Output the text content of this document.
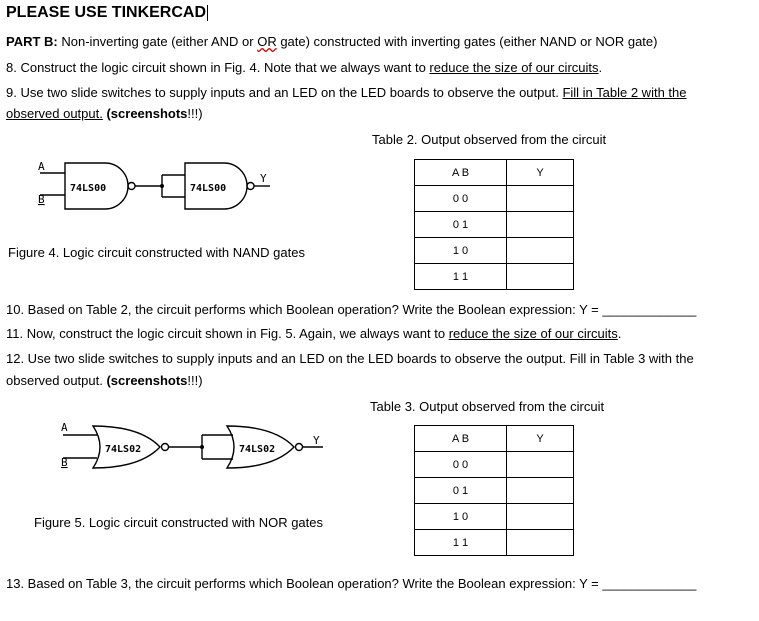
PLEASE USE TINKERCAD
PART B: Non-inverting gate (either AND or OR gate) constructed with inverting gates (either NAND or NOR gate)
8. Construct the logic circuit shown in Fig. 4. Note that we always want to reduce the size of our circuits.
9. Use two slide switches to supply inputs and an LED on the LED boards to observe the output. Fill in Table 2 with the
observed output. (screenshots!!!)
Table 2. Output observed from the circuit
A B	Y
0 0	
0 1	
1 0	
1 1	
A
B
74LS00	74LS00
Y
Figure 4. Logic circuit constructed with NAND gates
10. Based on Table 2, the circuit performs which Boolean operation? Write the Boolean expression: Y = _____________
11. Now, construct the logic circuit shown in Fig. 5. Again, we always want to reduce the size of our circuits.
12. Use two slide switches to supply inputs and an LED on the LED boards to observe the output. Fill in Table 3 with the
observed output. (screenshots!!!)
Table 3. Output observed from the circuit
A B	Y
0 0	
0 1	
1 0	
1 1	
A
B
74LS02	74LS02
Y
Figure 5. Logic circuit constructed with NOR gates
13. Based on Table 3, the circuit performs which Boolean operation? Write the Boolean expression: Y = _____________
